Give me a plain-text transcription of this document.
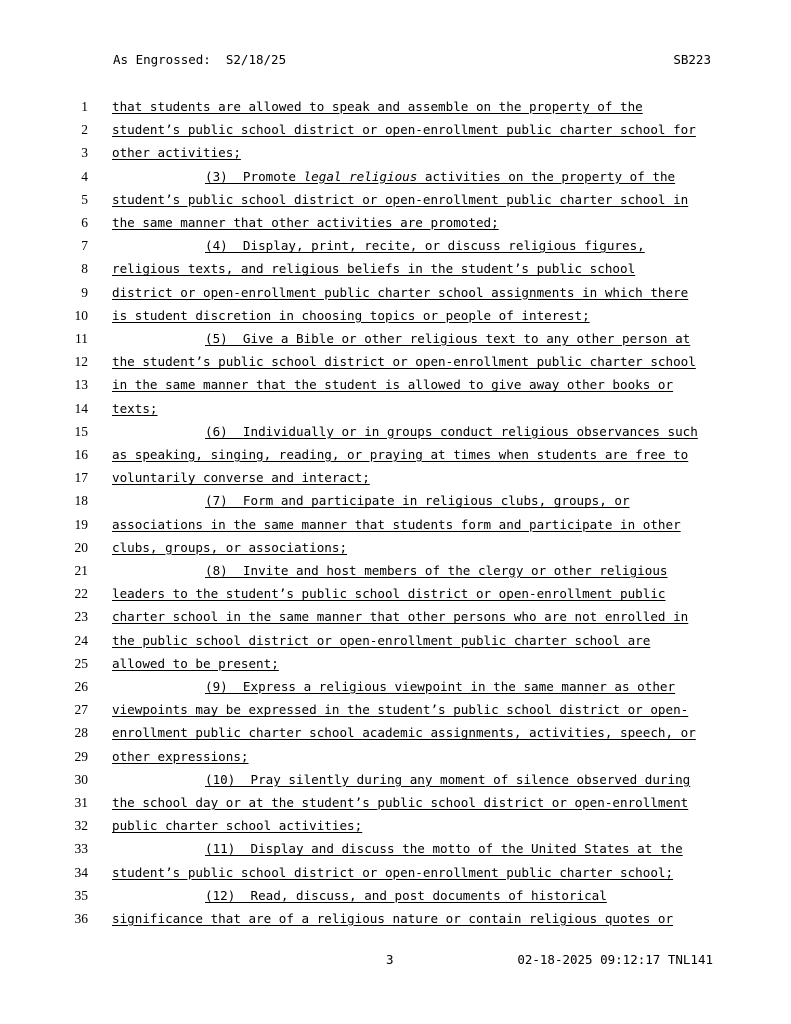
As Engrossed:  S2/18/25	SB223
1 that students are allowed to speak and assemble on the property of the
2 student’s public school district or open-enrollment public charter school for
3 other activities;
4	(3)  Promote legal religious activities on the property of the
5 student’s public school district or open-enrollment public charter school in
6 the same manner that other activities are promoted;
7	(4)  Display, print, recite, or discuss religious figures,
8 religious texts, and religious beliefs in the student’s public school
9 district or open-enrollment public charter school assignments in which there
10 is student discretion in choosing topics or people of interest;
11	(5)  Give a Bible or other religious text to any other person at
12 the student’s public school district or open-enrollment public charter school
13 in the same manner that the student is allowed to give away other books or
14 texts;
15	(6)  Individually or in groups conduct religious observances such
16 as speaking, singing, reading, or praying at times when students are free to
17 voluntarily converse and interact;
18	(7)  Form and participate in religious clubs, groups, or
19 associations in the same manner that students form and participate in other
20 clubs, groups, or associations;
21	(8)  Invite and host members of the clergy or other religious
22 leaders to the student’s public school district or open-enrollment public
23 charter school in the same manner that other persons who are not enrolled in
24 the public school district or open-enrollment public charter school are
25 allowed to be present;
26	(9)  Express a religious viewpoint in the same manner as other
27 viewpoints may be expressed in the student’s public school district or open-
28 enrollment public charter school academic assignments, activities, speech, or
29 other expressions;
30	(10)  Pray silently during any moment of silence observed during
31 the school day or at the student’s public school district or open-enrollment
32 public charter school activities;
33	(11)  Display and discuss the motto of the United States at the
34 student’s public school district or open-enrollment public charter school;
35	(12)  Read, discuss, and post documents of historical
36 significance that are of a religious nature or contain religious quotes or
3	02-18-2025 09:12:17 TNL141
